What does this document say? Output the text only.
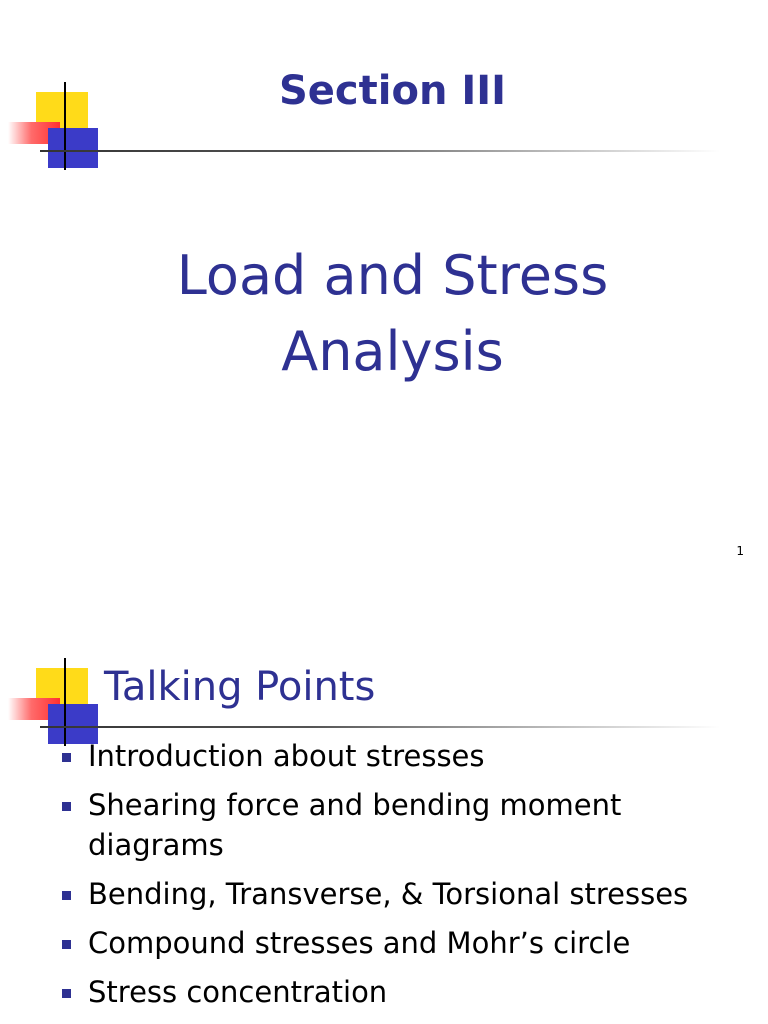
Section III
Load and Stress
Analysis
1
Talking Points
Introduction about stresses
Shearing force and bending moment
diagrams
Bending, Transverse, & Torsional stresses
Compound stresses and Mohr’s circle
Stress concentration
